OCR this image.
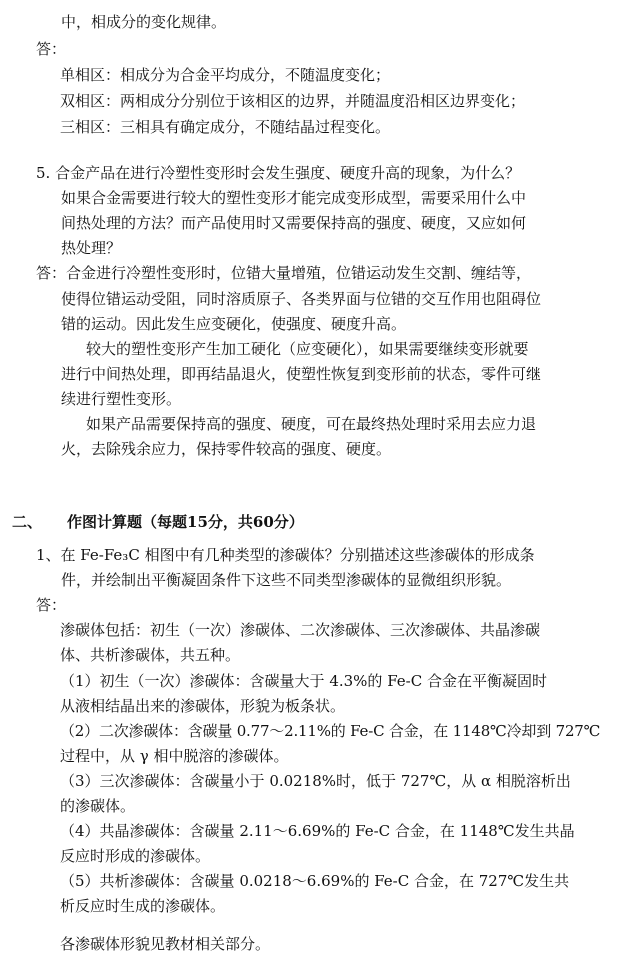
中，相成分的变化规律。
答：
单相区：相成分为合金平均成分，不随温度变化；
双相区：两相成分分别位于该相区的边界，并随温度沿相区边界变化；
三相区：三相具有确定成分，不随结晶过程变化。
5. 合金产品在进行冷塑性变形时会发生强度、硬度升高的现象，为什么？
如果合金需要进行较大的塑性变形才能完成变形成型，需要采用什么中
间热处理的方法？而产品使用时又需要保持高的强度、硬度，又应如何
热处理？
答：合金进行冷塑性变形时，位错大量增殖，位错运动发生交割、缠结等，
使得位错运动受阻，同时溶质原子、各类界面与位错的交互作用也阻碍位
错的运动。因此发生应变硬化，使强度、硬度升高。
较大的塑性变形产生加工硬化（应变硬化），如果需要继续变形就要
进行中间热处理，即再结晶退火，使塑性恢复到变形前的状态，零件可继
续进行塑性变形。
如果产品需要保持高的强度、硬度，可在最终热处理时采用去应力退
火，去除残余应力，保持零件较高的强度、硬度。
二、 作图计算题（每题15分，共60分）
1、在 Fe-Fe₃C 相图中有几种类型的渗碳体？分别描述这些渗碳体的形成条
件，并绘制出平衡凝固条件下这些不同类型渗碳体的显微组织形貌。
答：
渗碳体包括：初生（一次）渗碳体、二次渗碳体、三次渗碳体、共晶渗碳
体、共析渗碳体，共五种。
（1）初生（一次）渗碳体：含碳量大于 4.3%的 Fe-C 合金在平衡凝固时
从液相结晶出来的渗碳体，形貌为板条状。
（2）二次渗碳体：含碳量 0.77～2.11%的 Fe-C 合金，在 1148℃冷却到 727℃
过程中，从 γ 相中脱溶的渗碳体。
（3）三次渗碳体：含碳量小于 0.0218%时，低于 727℃，从 α 相脱溶析出
的渗碳体。
（4）共晶渗碳体：含碳量 2.11～6.69%的 Fe-C 合金，在 1148℃发生共晶
反应时形成的渗碳体。
（5）共析渗碳体：含碳量 0.0218～6.69%的 Fe-C 合金，在 727℃发生共
析反应时生成的渗碳体。
各渗碳体形貌见教材相关部分。
